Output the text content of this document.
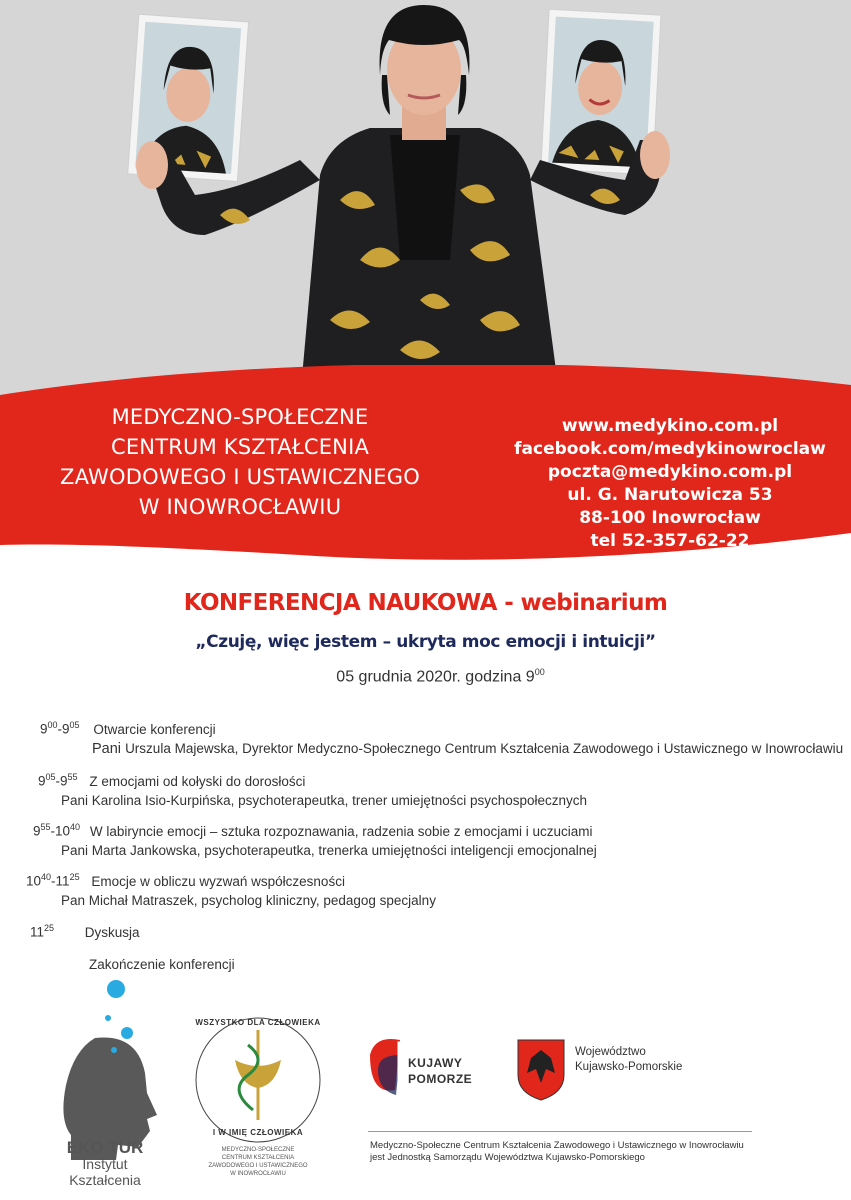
MEDYCZNO-SPOŁECZNE
CENTRUM KSZTAŁCENIA
ZAWODOWEGO I USTAWICZNEGO
W INOWROCŁAWIU
www.medykino.com.pl
facebook.com/medykinowroclaw
poczta@medykino.com.pl
ul. G. Narutowicza 53
88-100 Inowrocław
tel 52-357-62-22
KONFERENCJA NAUKOWA - webinarium
„Czuję, więc jestem – ukryta moc emocji i intuicji”
05 grudnia 2020r. godzina $9^{00}$
$9^{00}-9^{05}$ Otwarcie konferencji
Pani Urszula Majewska, Dyrektor Medyczno-Społecznego Centrum Kształcenia Zawodowego i Ustawicznego w Inowrocławiu
$9^{05}-9^{55}$ Z emocjami od kołyski do dorosłości
Pani Karolina Isio-Kurpińska, psychoterapeutka, trener umiejętności psychospołecznych
$9^{55}-10^{40}$ W labiryncie emocji – sztuka rozpoznawania, radzenia sobie z emocjami i uczuciami
Pani Marta Jankowska, psychoterapeutka, trenerka umiejętności inteligencji emocjonalnej
$10^{40}-11^{25}$ Emocje w obliczu wyzwań współczesności
Pan Michał Matraszek, psycholog kliniczny, pedagog specjalny
$11^{25}$ Dyskusja
Zakończenie konferencji
EKO TUR
Instytut
Kształcenia
WSZYSTKO DLA CZŁOWIEKA
I W IMIĘ CZŁOWIEKA
MEDYCZNO-SPOŁECZNE
CENTRUM KSZTAŁCENIA
ZAWODOWEGO I USTAWICZNEGO
W INOWROCŁAWIU
KUJAWY
POMORZE
Województwo
Kujawsko-Pomorskie
Medyczno-Społeczne Centrum Kształcenia Zawodowego i Ustawicznego w Inowrocławiu
jest Jednostką Samorządu Województwa Kujawsko-Pomorskiego
